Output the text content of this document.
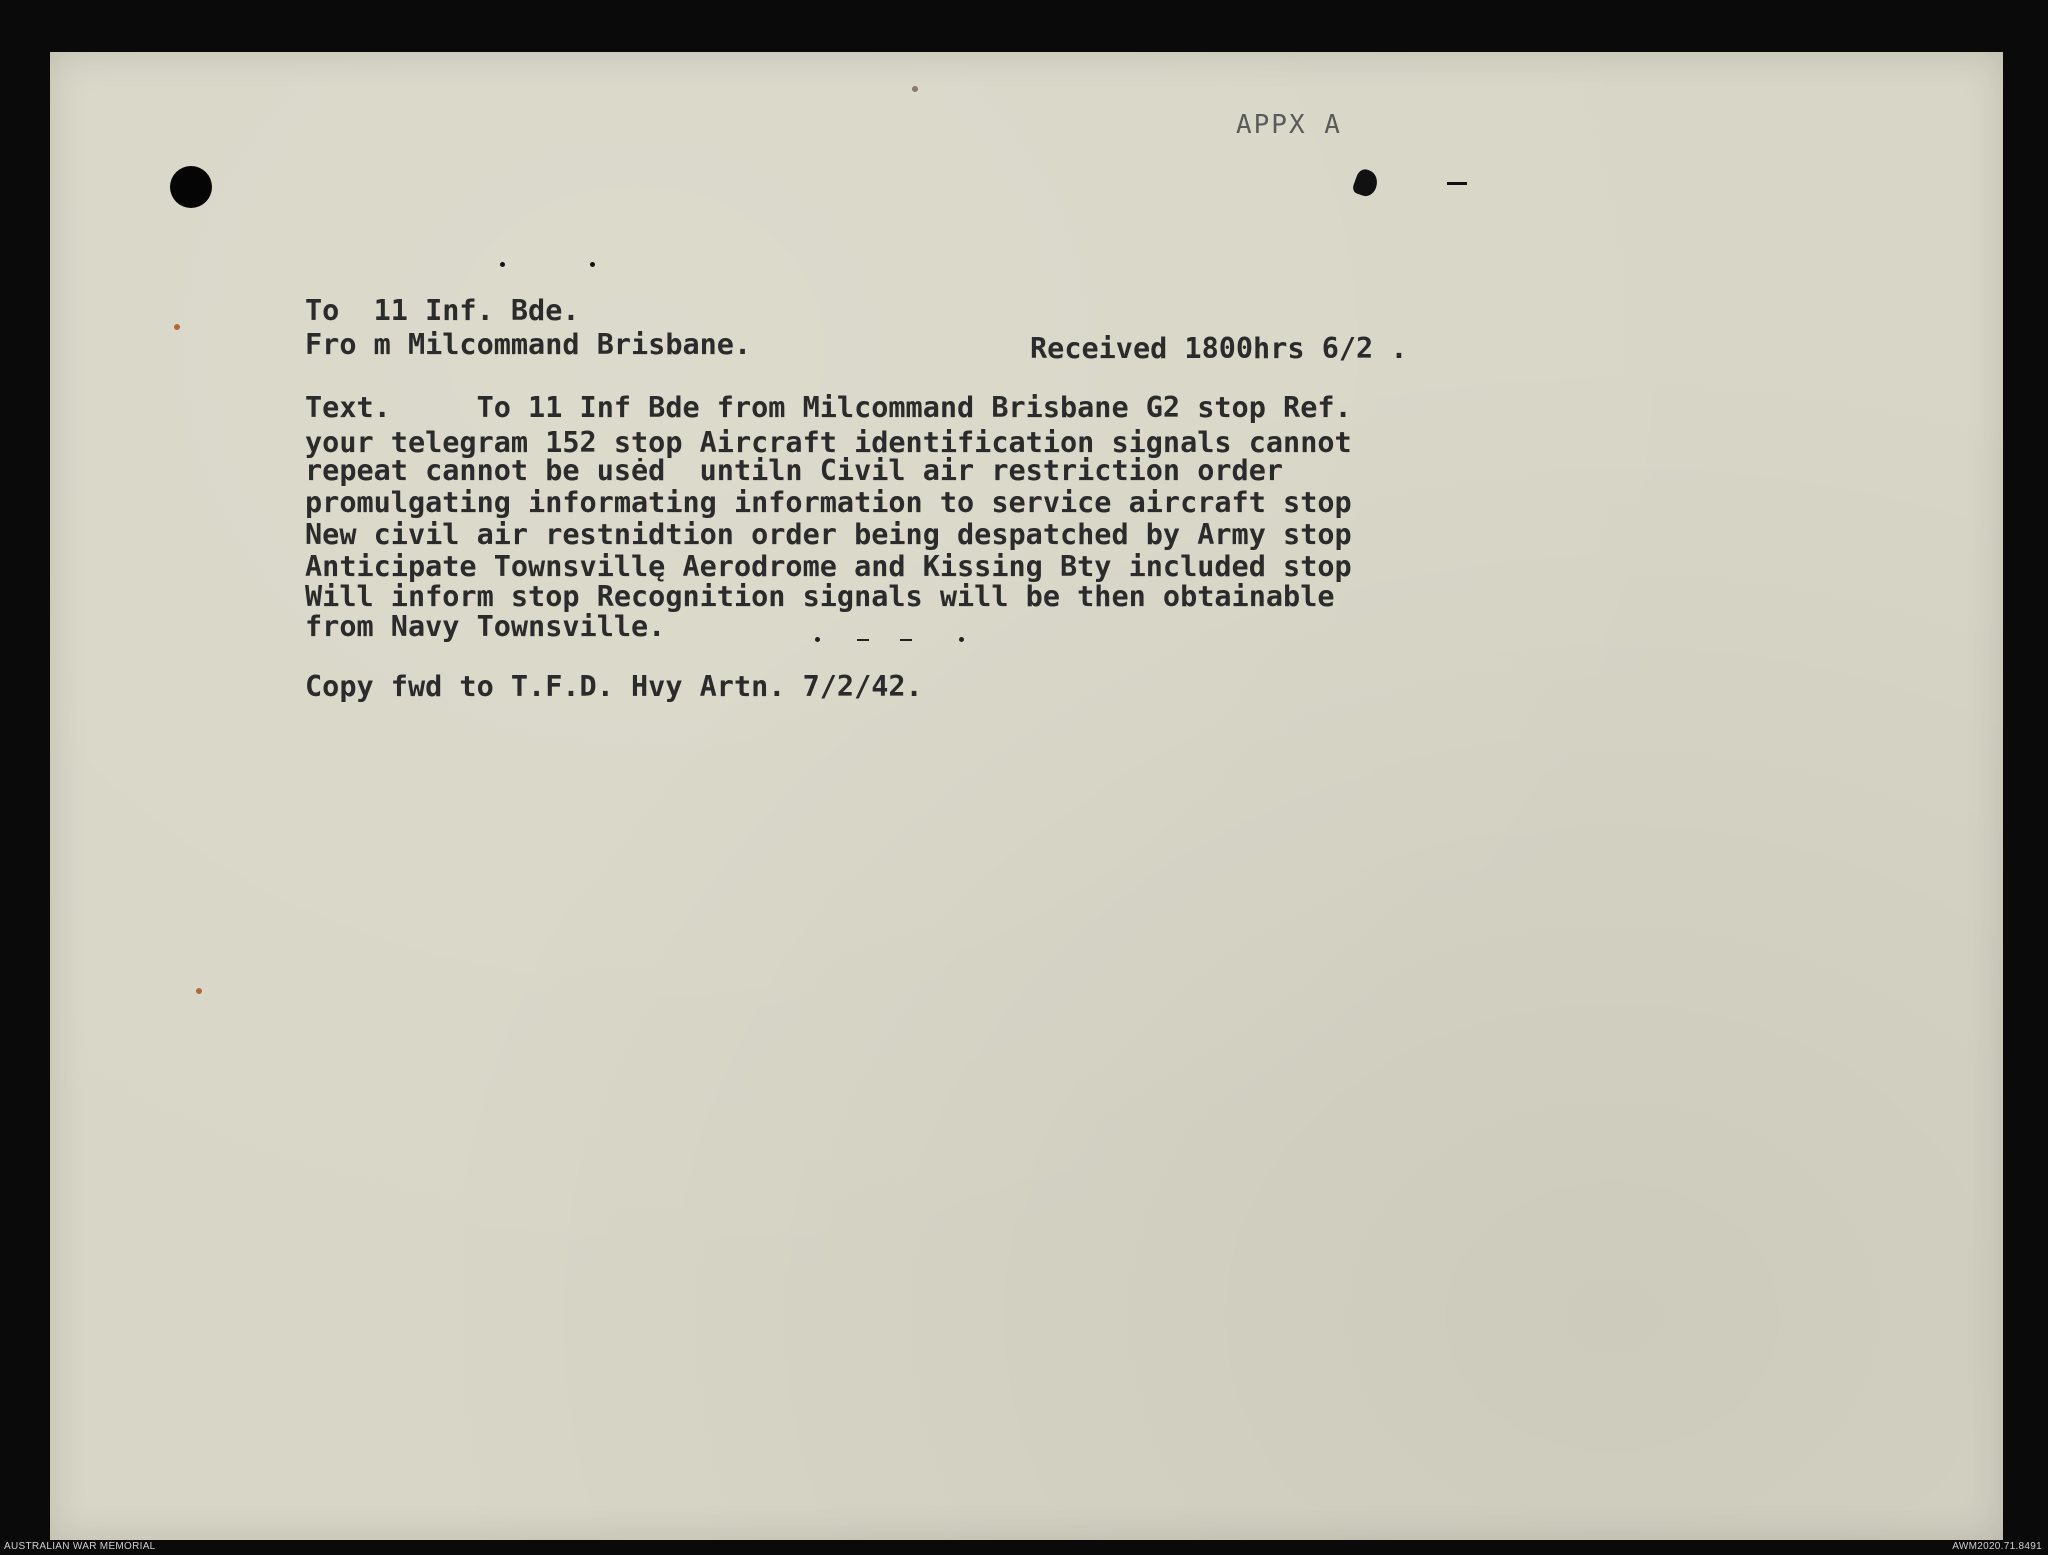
APPX A
To  11 Inf. Bde.
Fro m Milcommand Brisbane.	Received 1800hrs 6/2 .
Text.     To 11 Inf Bde from Milcommand Brisbane G2 stop Ref.
your telegram 152 stop Aircraft identification signals cannot
repeat cannot be usėd  untiln Civil air restriction order
promulgating informating information to service aircraft stop
New civil air restnidtion order being despatched by Army stop
Anticipate Townsvillę Aerodrome and Kissing Bty included stop
Will inform stop Recognition signals will be then obtainable
from Navy Townsville.
Copy fwd to T.F.D. Hvy Artn. 7/2/42.
AUSTRALIAN WAR MEMORIAL	AWM2020.71.8491
